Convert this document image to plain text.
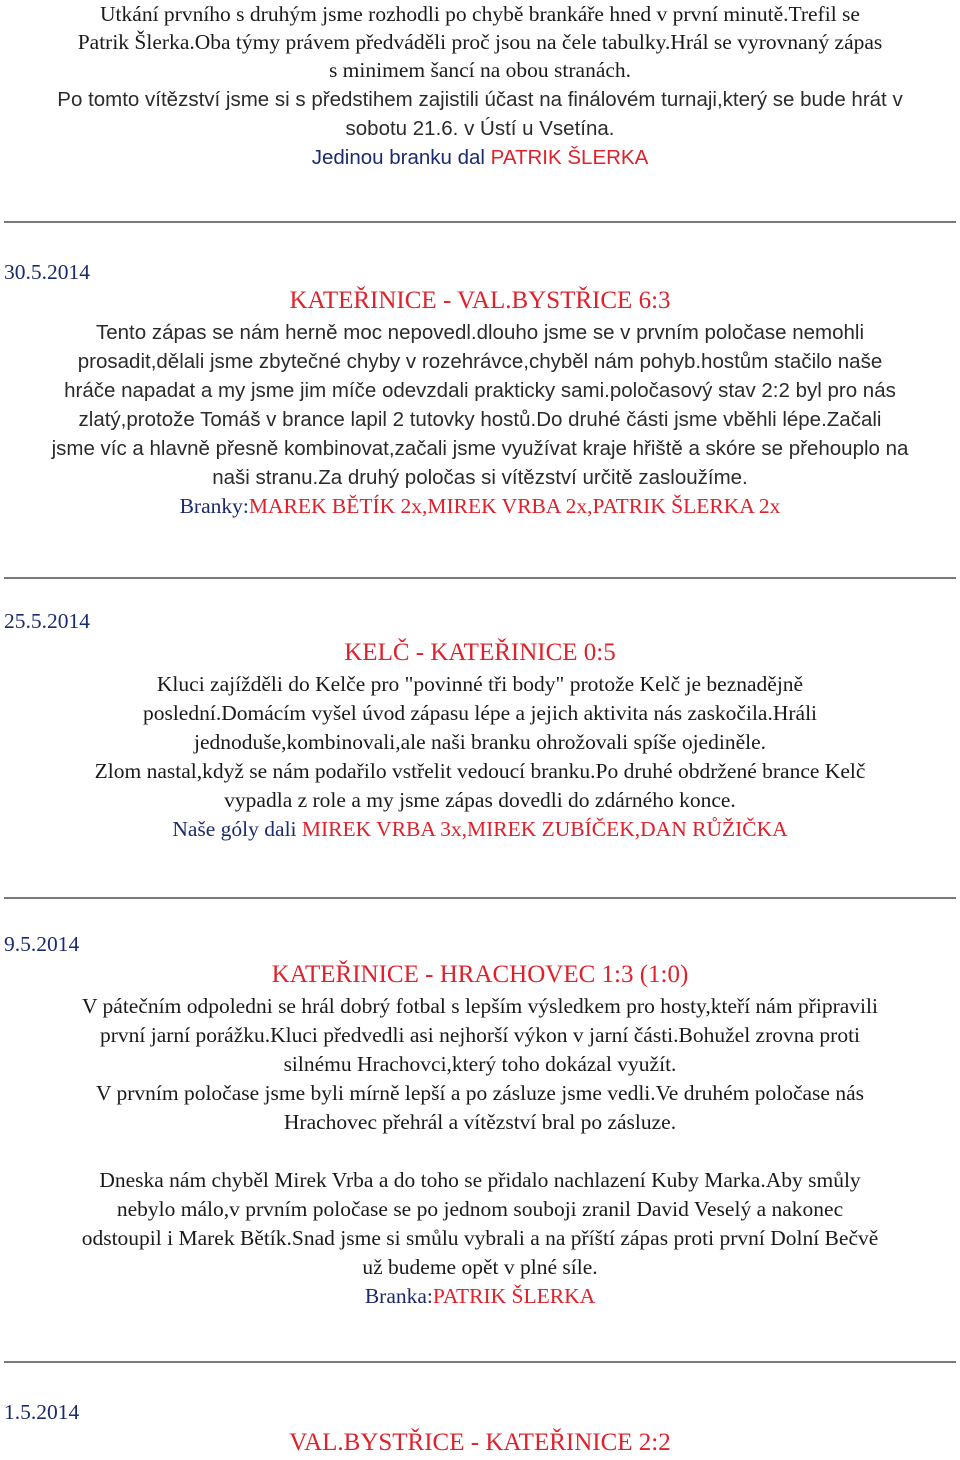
Utkání prvního s druhým jsme rozhodli po chybě brankáře hned v první minutě.Trefil se
Patrik Šlerka.Oba týmy právem předváděli proč jsou na čele tabulky.Hrál se vyrovnaný zápas
s minimem šancí na obou stranách.
Po tomto vítězství jsme si s předstihem zajistili účast na finálovém turnaji,který se bude hrát v
sobotu 21.6. v Ústí u Vsetína.
Jedinou branku dal PATRIK ŠLERKA
30.5.2014
KATEŘINICE - VAL.BYSTŘICE 6:3
Tento zápas se nám herně moc nepovedl.dlouho jsme se v prvním poločase nemohli
prosadit,dělali jsme zbytečné chyby v rozehrávce,chyběl nám pohyb.hostům stačilo naše
hráče napadat a my jsme jim míče odevzdali prakticky sami.poločasový stav 2:2 byl pro nás
zlatý,protože Tomáš v brance lapil 2 tutovky hostů.Do druhé části jsme vběhli lépe.Začali
jsme víc a hlavně přesně kombinovat,začali jsme využívat kraje hřiště a skóre se přehouplo na
naši stranu.Za druhý poločas si vítězství určitě zasloužíme.
Branky:MAREK BĚTÍK 2x,MIREK VRBA 2x,PATRIK ŠLERKA 2x
25.5.2014
KELČ - KATEŘINICE 0:5
Kluci zajížděli do Kelče pro "povinné tři body" protože Kelč je beznadějně
poslední.Domácím vyšel úvod zápasu lépe a jejich aktivita nás zaskočila.Hráli
jednoduše,kombinovali,ale naši branku ohrožovali spíše ojediněle.
Zlom nastal,když se nám podařilo vstřelit vedoucí branku.Po druhé obdržené brance Kelč
vypadla z role a my jsme zápas dovedli do zdárného konce.
Naše góly dali MIREK VRBA 3x,MIREK ZUBÍČEK,DAN RŮŽIČKA
9.5.2014
KATEŘINICE - HRACHOVEC 1:3 (1:0)
V pátečním odpoledni se hrál dobrý fotbal s lepším výsledkem pro hosty,kteří nám připravili
první jarní porážku.Kluci předvedli asi nejhorší výkon v jarní části.Bohužel zrovna proti
silnému Hrachovci,který toho dokázal využít.
V prvním poločase jsme byli mírně lepší a po zásluze jsme vedli.Ve druhém poločase nás
Hrachovec přehrál a vítězství bral po zásluze.
Dneska nám chyběl Mirek Vrba a do toho se přidalo nachlazení Kuby Marka.Aby smůly
nebylo málo,v prvním poločase se po jednom souboji zranil David Veselý a nakonec
odstoupil i Marek Bětík.Snad jsme si smůlu vybrali a na příští zápas proti první Dolní Bečvě
už budeme opět v plné síle.
Branka:PATRIK ŠLERKA
1.5.2014
VAL.BYSTŘICE - KATEŘINICE 2:2
